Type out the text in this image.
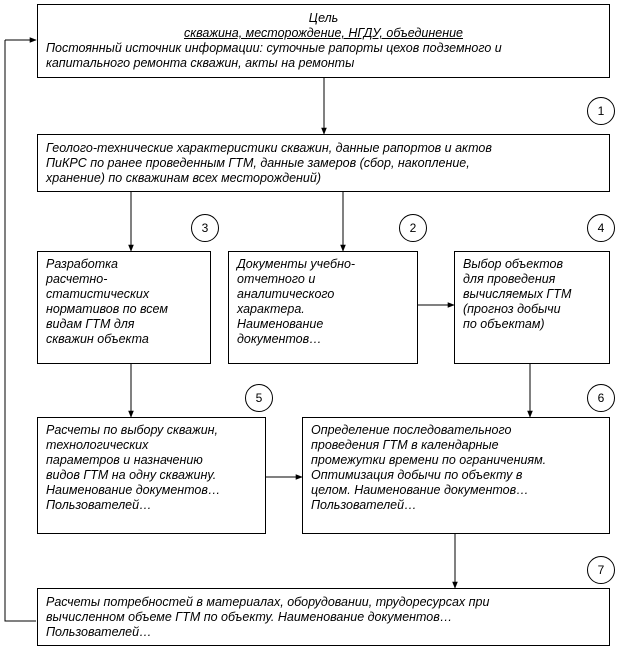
Цель
скважина, месторождение, НГДУ, объединение
Постоянный источник информации: суточные рапорты цехов подземного и
капитального ремонта скважин, акты на ремонты
1
Геолого-технические характеристики скважин, данные рапортов и актов
ПиКРС по ранее проведенным ГТМ, данные замеров (сбор, накопление,
хранение) по скважинам всех месторождений)
3
Разработка
расчетно-
статистических
нормативов по всем
видам ГТМ для
скважин объекта
2
Документы учебно-
отчетного и
аналитического
характера.
Наименование
документов…
4
Выбор объектов
для проведения
вычисляемых ГТМ
(прогноз добычи
по объектам)
5
Расчеты по выбору скважин,
технологических
параметров и назначению
видов ГТМ на одну скважину.
Наименование документов…
Пользователей…
6
Определение последовательного
проведения ГТМ в календарные
промежутки времени по ограничениям.
Оптимизация добычи по объекту в
целом. Наименование документов…
Пользователей…
7
Расчеты потребностей в материалах, оборудовании, трудоресурсах при
вычисленном объеме ГТМ по объекту. Наименование документов…
Пользователей…
